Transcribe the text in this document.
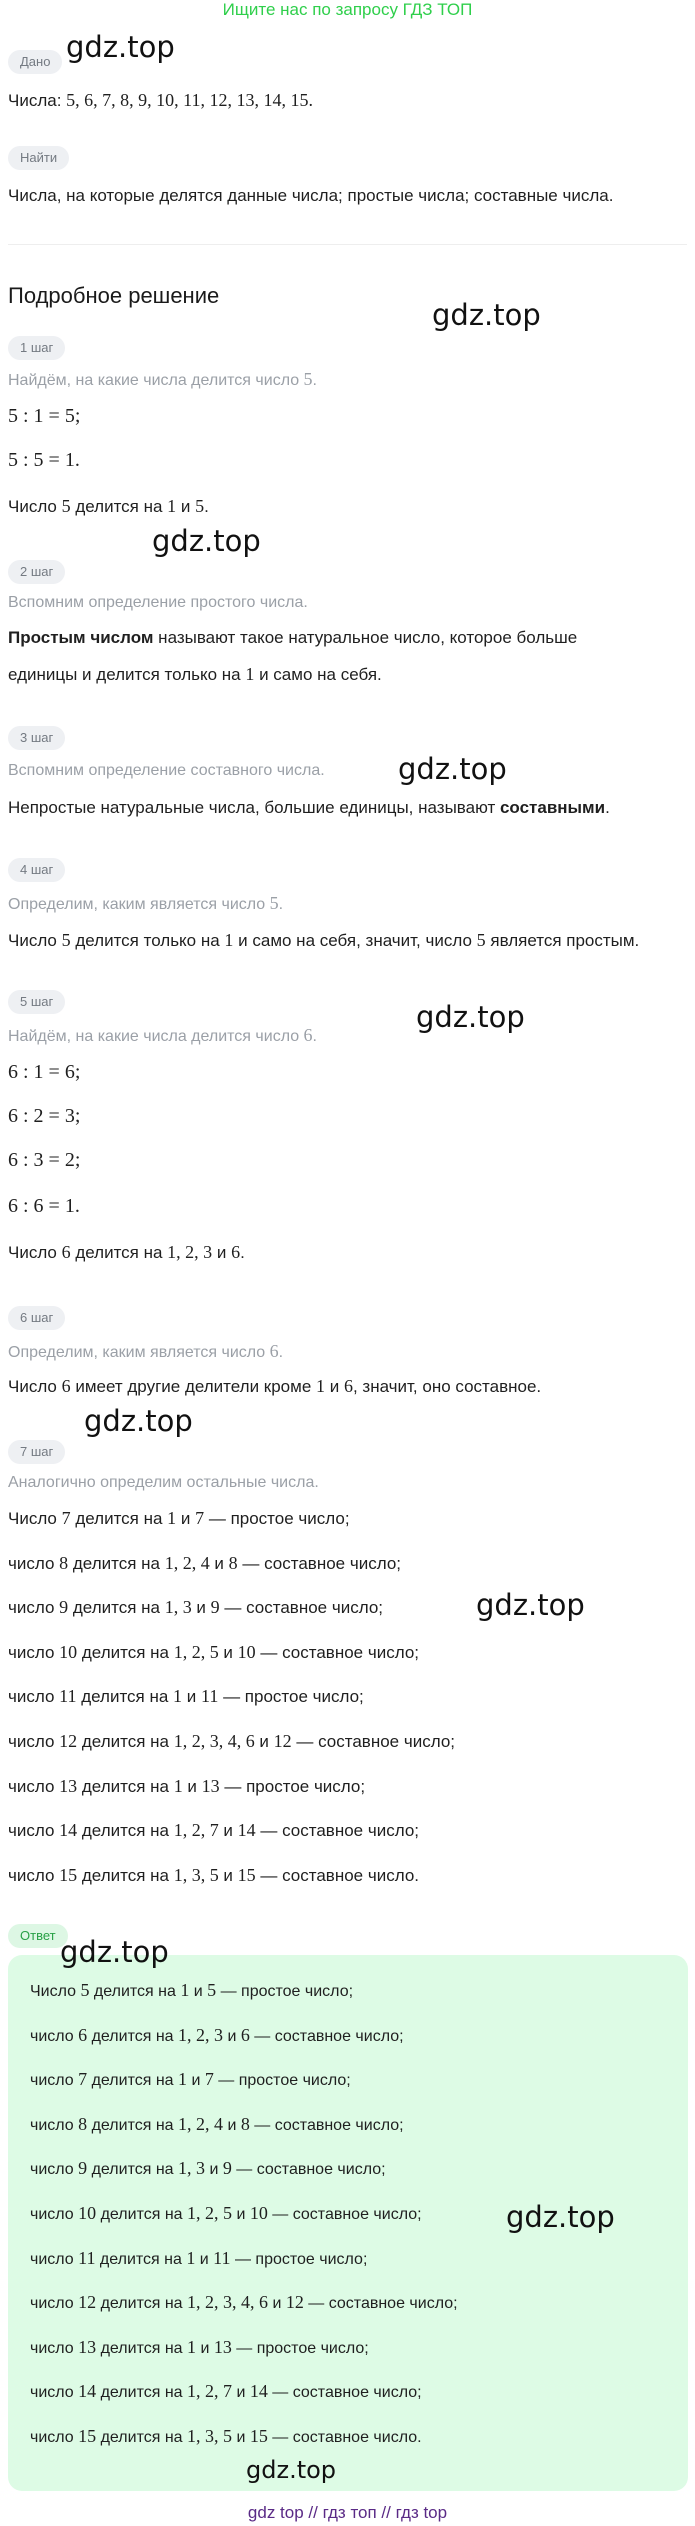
Ищите нас по запросу ГДЗ ТОП
Дано
Числа: 5, 6, 7, 8, 9, 10, 11, 12, 13, 14, 15.
Найти
Числа, на которые делятся данные числа; простые числа; составные числа.
Подробное решение
1 шаг
Найдём, на какие числа делится число 5.
5 : 1 = 5;
5 : 5 = 1.
Число 5 делится на 1 и 5.
2 шаг
Вспомним определение простого числа.
Простым числом называют такое натуральное число, которое больше
единицы и делится только на 1 и само на себя.
3 шаг
Вспомним определение составного числа.
Непростые натуральные числа, большие единицы, называют составными.
4 шаг
Определим, каким является число 5.
Число 5 делится только на 1 и само на себя, значит, число 5 является простым.
5 шаг
Найдём, на какие числа делится число 6.
6 : 1 = 6;
6 : 2 = 3;
6 : 3 = 2;
6 : 6 = 1.
Число 6 делится на 1, 2, 3 и 6.
6 шаг
Определим, каким является число 6.
Число 6 имеет другие делители кроме 1 и 6, значит, оно составное.
7 шаг
Аналогично определим остальные числа.
Число 7 делится на 1 и 7 — простое число;
число 8 делится на 1, 2, 4 и 8 — составное число;
число 9 делится на 1, 3 и 9 — составное число;
число 10 делится на 1, 2, 5 и 10 — составное число;
число 11 делится на 1 и 11 — простое число;
число 12 делится на 1, 2, 3, 4, 6 и 12 — составное число;
число 13 делится на 1 и 13 — простое число;
число 14 делится на 1, 2, 7 и 14 — составное число;
число 15 делится на 1, 3, 5 и 15 — составное число.
Ответ
Число 5 делится на 1 и 5 — простое число;
число 6 делится на 1, 2, 3 и 6 — составное число;
число 7 делится на 1 и 7 — простое число;
число 8 делится на 1, 2, 4 и 8 — составное число;
число 9 делится на 1, 3 и 9 — составное число;
число 10 делится на 1, 2, 5 и 10 — составное число;
число 11 делится на 1 и 11 — простое число;
число 12 делится на 1, 2, 3, 4, 6 и 12 — составное число;
число 13 делится на 1 и 13 — простое число;
число 14 делится на 1, 2, 7 и 14 — составное число;
число 15 делится на 1, 3, 5 и 15 — составное число.
gdz.top
gdz.top
gdz.top
gdz.top
gdz.top
gdz.top
gdz.top
gdz.top
gdz.top
gdz.top
gdz top // гдз топ // гдз top
